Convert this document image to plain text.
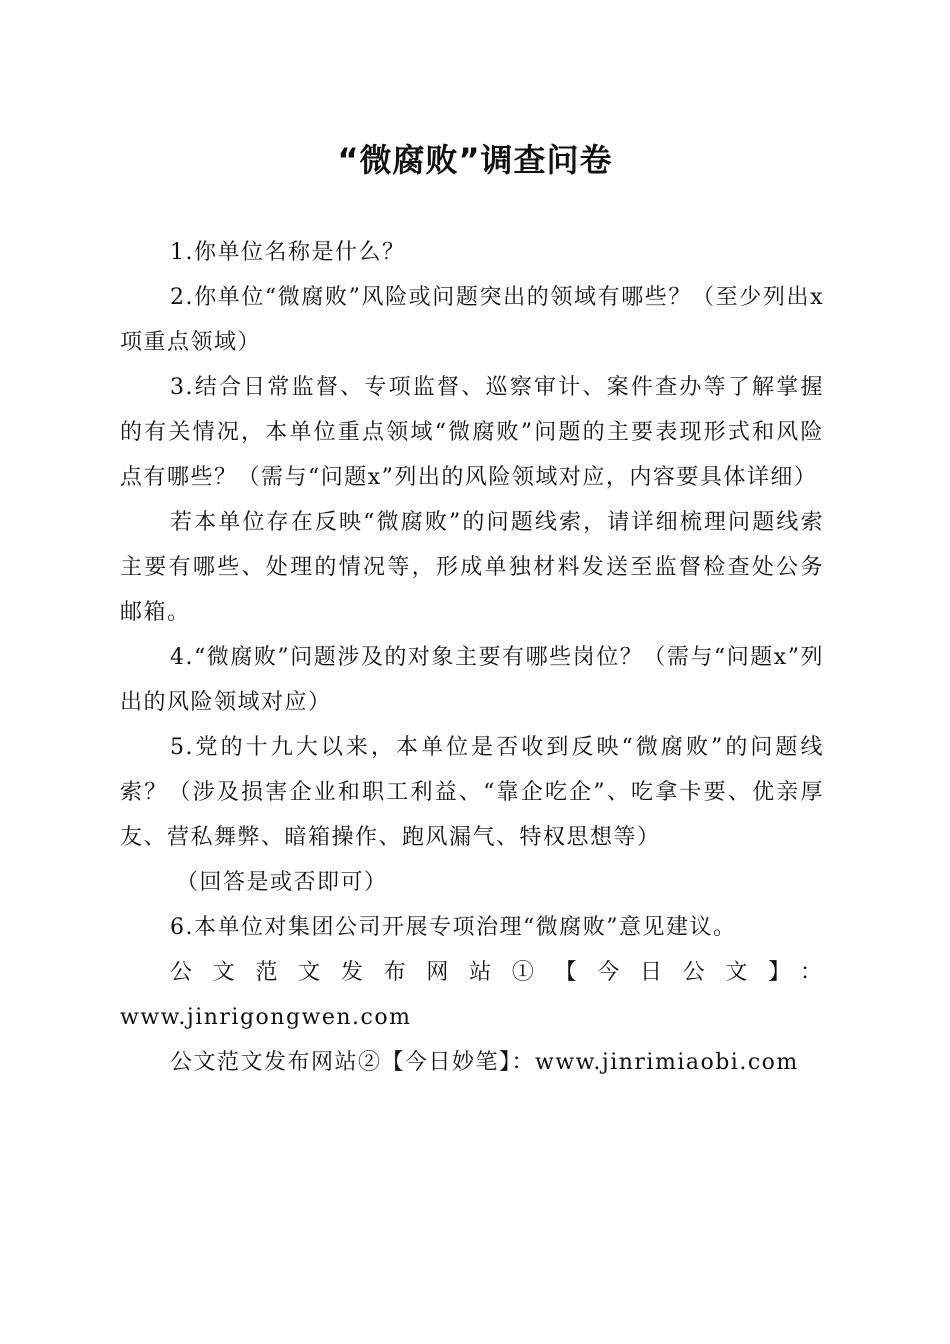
“微腐败”调查问卷

1.你单位名称是什么？

2.你单位“微腐败”风险或问题突出的领域有哪些？（至少列出x项重点领域）

3.结合日常监督、专项监督、巡察审计、案件查办等了解掌握的有关情况，本单位重点领域“微腐败”问题的主要表现形式和风险点有哪些？（需与“问题x”列出的风险领域对应，内容要具体详细）

若本单位存在反映“微腐败”的问题线索，请详细梳理问题线索主要有哪些、处理的情况等，形成单独材料发送至监督检查处公务邮箱。

4.“微腐败”问题涉及的对象主要有哪些岗位？（需与“问题x”列出的风险领域对应）

5.党的十九大以来，本单位是否收到反映“微腐败”的问题线索？（涉及损害企业和职工利益、“靠企吃企”、吃拿卡要、优亲厚友、营私舞弊、暗箱操作、跑风漏气、特权思想等）

（回答是或否即可）

6.本单位对集团公司开展专项治理“微腐败”意见建议。

公文范文发布网站①【今日公文】：

www.jinrigongwen.com

公文范文发布网站②【今日妙笔】：www.jinrimiaobi.com
